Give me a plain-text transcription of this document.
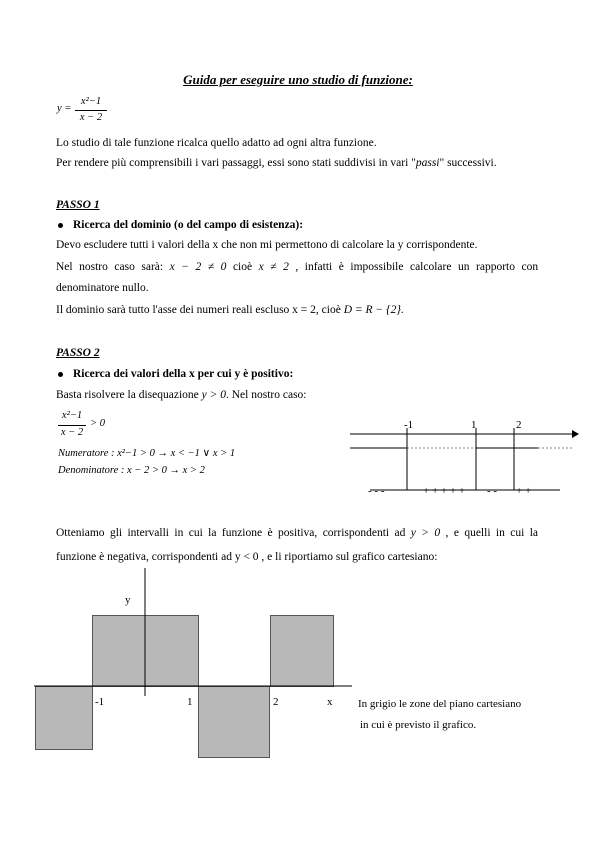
Guida per eseguire uno studio di funzione:
y =
x²−1
x − 2
Lo studio di tale funzione ricalca quello adatto ad ogni altra funzione.
Per rendere più comprensibili i vari passaggi, essi sono stati suddivisi in vari "passi" successivi.
PASSO 1
Ricerca del dominio (o del campo di esistenza):
Devo escludere tutti i valori della x che non mi permettono di calcolare la y corrispondente.
Nel nostro caso sarà: x − 2 ≠ 0 cioè x ≠ 2 , infatti è impossibile calcolare un rapporto con
denominatore nullo.
Il dominio sarà tutto l'asse dei numeri reali escluso x = 2, cioè D = R − {2}.
PASSO 2
Ricerca dei valori della x per cui y è positivo:
Basta risolvere la disequazione y > 0. Nel nostro caso:
x²−1
x − 2
> 0
Numeratore : x²−1 > 0 → x < −1 ∨ x > 1
Denominatore : x − 2 > 0 → x > 2
-1	1	2
- - -	+ + + + + - - + +
Otteniamo gli intervalli in cui la funzione è positiva, corrispondenti ad y > 0 , e quelli in cui la
funzione è negativa, corrispondenti ad y < 0 , e li riportiamo sul grafico cartesiano:
y
-1	1	2	x In grigio le zone del piano cartesiano
in cui è previsto il grafico.
